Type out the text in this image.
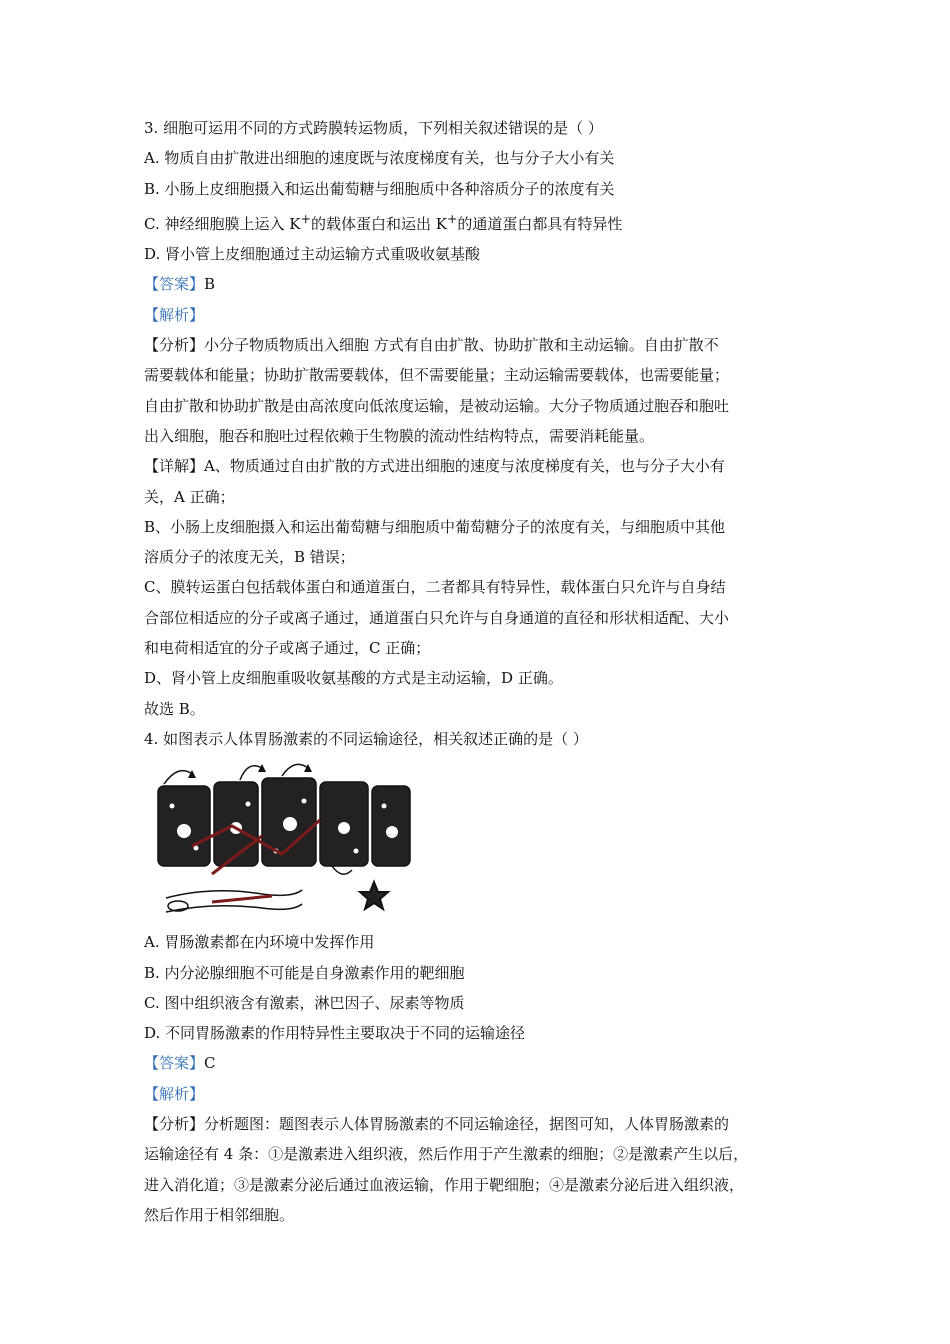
3. 细胞可运用不同的方式跨膜转运物质，下列相关叙述错误的是（ ）
A. 物质自由扩散进出细胞的速度既与浓度梯度有关，也与分子大小有关
B. 小肠上皮细胞摄入和运出葡萄糖与细胞质中各种溶质分子的浓度有关
C. 神经细胞膜上运入 K+的载体蛋白和运出 K+的通道蛋白都具有特异性
D. 肾小管上皮细胞通过主动运输方式重吸收氨基酸
【答案】B
【解析】
【分析】小分子物质物质出入细胞 方式有自由扩散、协助扩散和主动运输。自由扩散不
需要载体和能量；协助扩散需要载体，但不需要能量；主动运输需要载体，也需要能量；
自由扩散和协助扩散是由高浓度向低浓度运输，是被动运输。大分子物质通过胞吞和胞吐
出入细胞，胞吞和胞吐过程依赖于生物膜的流动性结构特点，需要消耗能量。
【详解】A、物质通过自由扩散的方式进出细胞的速度与浓度梯度有关，也与分子大小有
关，A 正确；
B、小肠上皮细胞摄入和运出葡萄糖与细胞质中葡萄糖分子的浓度有关，与细胞质中其他
溶质分子的浓度无关，B 错误；
C、膜转运蛋白包括载体蛋白和通道蛋白，二者都具有特异性，载体蛋白只允许与自身结
合部位相适应的分子或离子通过，通道蛋白只允许与自身通道的直径和形状相适配、大小
和电荷相适宜的分子或离子通过，C 正确；
D、肾小管上皮细胞重吸收氨基酸的方式是主动运输，D 正确。
故选 B。
4. 如图表示人体胃肠激素的不同运输途径，相关叙述正确的是（ ）
A. 胃肠激素都在内环境中发挥作用
B. 内分泌腺细胞不可能是自身激素作用的靶细胞
C. 图中组织液含有激素，淋巴因子、尿素等物质
D. 不同胃肠激素的作用特异性主要取决于不同的运输途径
【答案】C
【解析】
【分析】分析题图：题图表示人体胃肠激素的不同运输途径，据图可知，人体胃肠激素的
运输途径有 4 条：①是激素进入组织液，然后作用于产生激素的细胞；②是激素产生以后，
进入消化道；③是激素分泌后通过血液运输，作用于靶细胞；④是激素分泌后进入组织液，
然后作用于相邻细胞。
